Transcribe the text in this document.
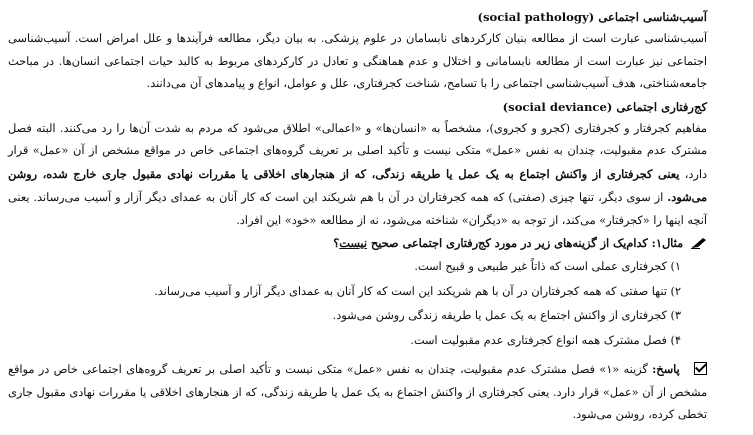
آسیب‌شناسی اجتماعی (social pathology)

آسیب‌شناسی عبارت است از مطالعه بنیان کارکردهای نابسامان در علوم پزشکی. به بیان دیگر، مطالعه فرآیندها و علل امراض است. آسیب‌شناسی اجتماعی نیز عبارت است از مطالعه نابسامانی و اختلال و عدم هماهنگی و تعادل در کارکردهای مربوط به کالبد حیات اجتماعی انسان‌ها. در مباحث جامعه‌شناختی، هدف آسیب‌شناسی اجتماعی را با تسامح، شناخت کجرفتاری، علل و عوامل، انواع و پیامدهای آن می‌دانند.

کج‌رفتاری اجتماعی (social deviance)

مفاهیم کجرفتار و کجرفتاری (کجرو و کجروی)، مشخصاً به «انسان‌ها» و «اعمالی» اطلاق می‌شود که مردم به شدت آن‌ها را رد می‌کنند. البته فصل مشترک عدم مقبولیت، چندان به نفس «عمل» متکی نیست و تأکید اصلی بر تعریف گروه‌های اجتماعی خاص در مواقع مشخص از آن «عمل» قرار دارد، یعنی کجرفتاری از واکنش اجتماع به یک عمل یا طریقه زندگی، که از هنجارهای اخلاقی یا مقررات نهادی مقبول جاری خارج شده، روشن می‌شود. از سوی دیگر، تنها چیزی (صفتی) که همه کجرفتاران در آن با هم شریکند این است که کار آنان به عمدای دیگر آزار و آسیب می‌رساند. یعنی آنچه اینها را «کجرفتار» می‌کند، از توجه به «دیگران» شناخته می‌شود، نه از مطالعه «خود» این افراد.

مثال۱: کدام‌یک از گزینه‌های زیر در مورد کج‌رفتاری اجتماعی صحیح نیست؟
۱) کجرفتاری عملی است که ذاتاً غیر طبیعی و قبیح است.
۲) تنها صفتی که همه کجرفتاران در آن با هم شریکند این است که کار آنان به عمدای دیگر آزار و آسیب می‌رساند.
۳) کجرفتاری از واکنش اجتماع به یک عمل یا طریقه زندگی روشن می‌شود.
۴) فصل مشترک همه انواع کجرفتاری عدم مقبولیت است.

پاسخ: گزینه «۱» فصل مشترک عدم مقبولیت، چندان به نفس «عمل» متکی نیست و تأکید اصلی بر تعریف گروه‌های اجتماعی خاص در مواقع مشخص از آن «عمل» قرار دارد. یعنی کجرفتاری از واکنش اجتماع به یک عمل یا طریقه زندگی، که از هنجارهای اخلاقی یا مقررات نهادی مقبول جاری تخطی کرده، روشن می‌شود.
